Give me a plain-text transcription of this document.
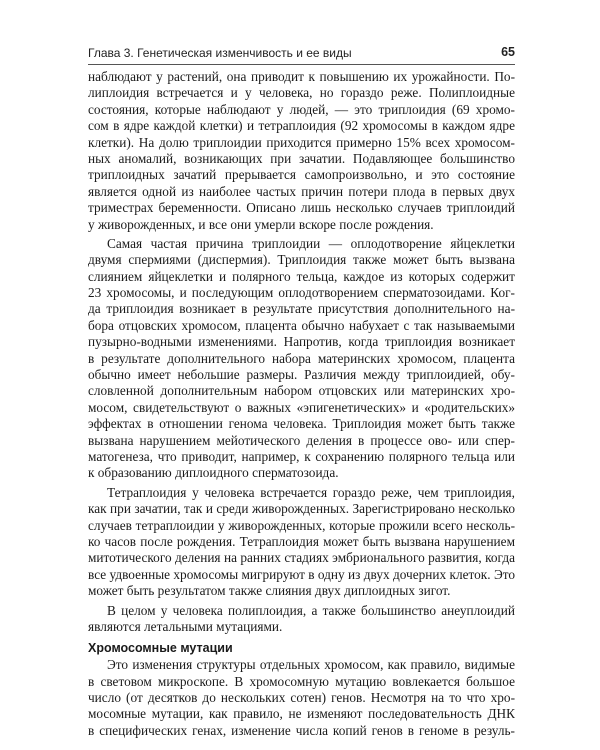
Глава 3. Генетическая изменчивость и ее виды	65
наблюдают у растений, она приводит к повышению их урожайности. По-
липлоидия встречается и у человека, но гораздо реже. Полиплоидные
состояния, которые наблюдают у людей, — это триплоидия (69 хромо-
сом в ядре каждой клетки) и тетраплоидия (92 хромосомы в каждом ядре
клетки). На долю триплоидии приходится примерно 15% всех хромосом-
ных аномалий, возникающих при зачатии. Подавляющее большинство
триплоидных зачатий прерывается самопроизвольно, и это состояние
является одной из наиболее частых причин потери плода в первых двух
триместрах беременности. Описано лишь несколько случаев триплоидий
у живорожденных, и все они умерли вскоре после рождения.
Самая частая причина триплоидии — оплодотворение яйцеклетки
двумя спермиями (диспермия). Триплоидия также может быть вызвана
слиянием яйцеклетки и полярного тельца, каждое из которых содержит
23 хромосомы, и последующим оплодотворением сперматозоидами. Ког-
да триплоидия возникает в результате присутствия дополнительного на-
бора отцовских хромосом, плацента обычно набухает с так называемыми
пузырно-водными изменениями. Напротив, когда триплоидия возникает
в результате дополнительного набора материнских хромосом, плацента
обычно имеет небольшие размеры. Различия между триплоидией, обу-
словленной дополнительным набором отцовских или материнских хро-
мосом, свидетельствуют о важных «эпигенетических» и «родительских»
эффектах в отношении генома человека. Триплоидия может быть также
вызвана нарушением мейотического деления в процессе ово- или спер-
матогенеза, что приводит, например, к сохранению полярного тельца или
к образованию диплоидного сперматозоида.
Тетраплоидия у человека встречается гораздо реже, чем триплоидия,
как при зачатии, так и среди живорожденных. Зарегистрировано несколько
случаев тетраплоидии у живорожденных, которые прожили всего несколь-
ко часов после рождения. Тетраплоидия может быть вызвана нарушением
митотического деления на ранних стадиях эмбрионального развития, когда
все удвоенные хромосомы мигрируют в одну из двух дочерних клеток. Это
может быть результатом также слияния двух диплоидных зигот.
В целом у человека полиплоидия, а также большинство анеуплоидий
являются летальными мутациями.
Хромосомные мутации
Это изменения структуры отдельных хромосом, как правило, видимые
в световом микроскопе. В хромосомную мутацию вовлекается большое
число (от десятков до нескольких сотен) генов. Несмотря на то что хро-
мосомные мутации, как правило, не изменяют последовательность ДНК
в специфических генах, изменение числа копий генов в геноме в резуль-
